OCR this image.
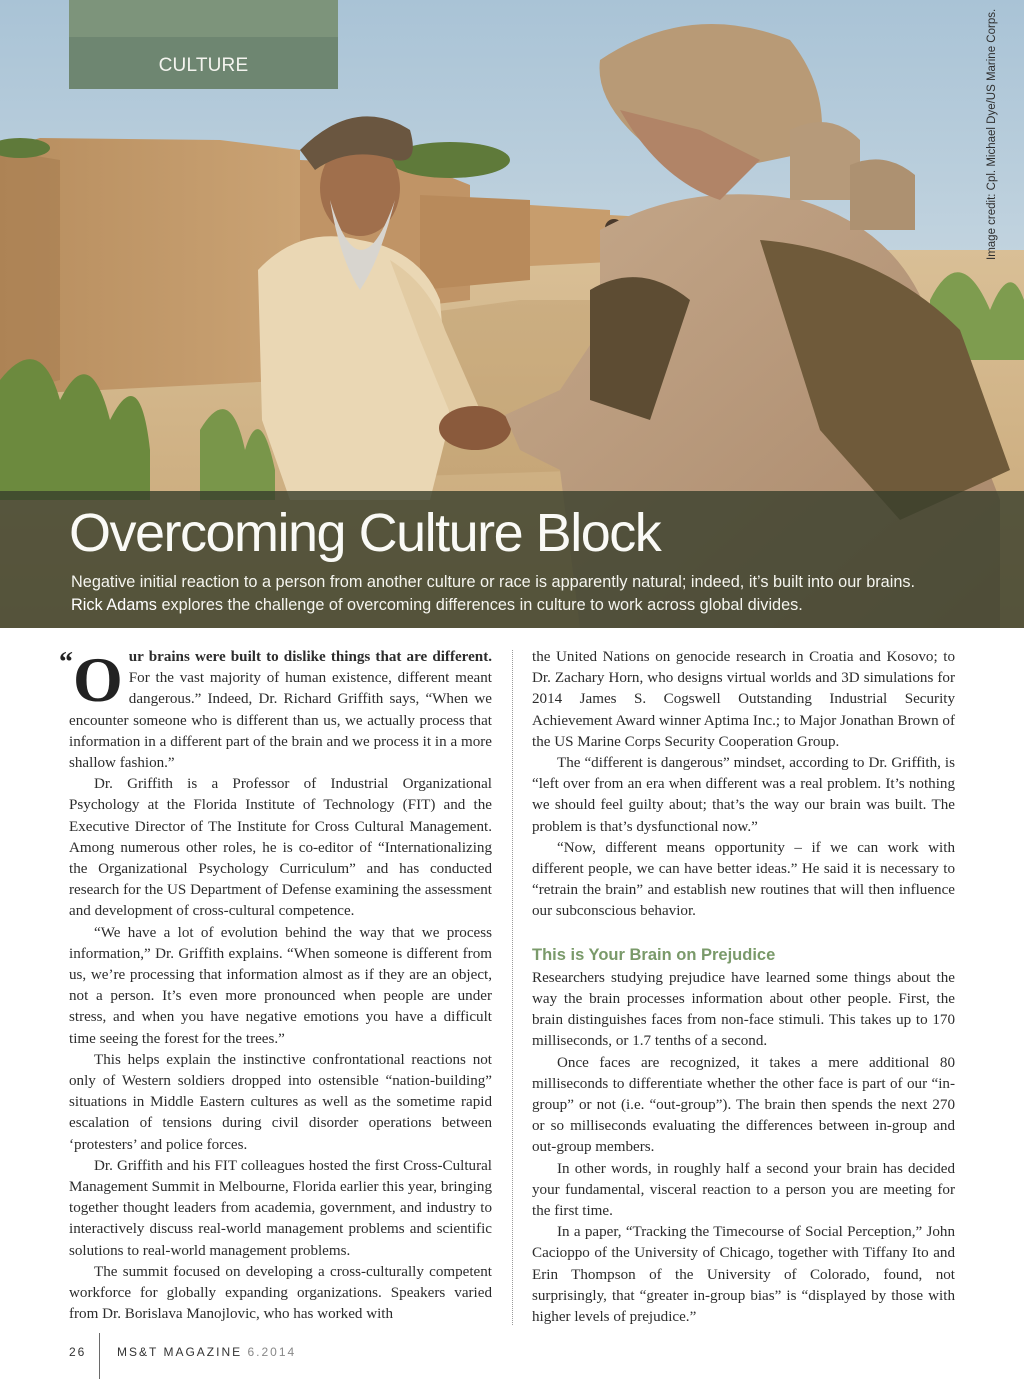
CULTURE	Image credit: Cpl. Michael Dye/US Marine Corps.
Overcoming Culture Block

Negative initial reaction to a person from another culture or race is apparently natural; indeed, it’s built into our brains.
Rick Adams explores the challenge of overcoming differences in culture to work across global divides.

“O ur brains were built to dislike things that are different. For the vast majority of human existence, different meant dangerous.” Indeed, Dr. Richard Griffith says, “When we encounter someone who is different than us, we actually process that information in a different part of the brain and we process it in a more shallow fashion.”

Dr. Griffith is a Professor of Industrial Organizational Psychology at the Florida Institute of Technology (FIT) and the Executive Director of The Institute for Cross Cultural Management. Among numerous other roles, he is co-editor of “Internationalizing the Organizational Psychology Curriculum” and has conducted research for the US Department of Defense examining the assessment and development of cross-cultural competence.

“We have a lot of evolution behind the way that we process information,” Dr. Griffith explains. “When someone is different from us, we’re processing that information almost as if they are an object, not a person. It’s even more pronounced when people are under stress, and when you have negative emotions you have a difficult time seeing the forest for the trees.”

This helps explain the instinctive confrontational reactions not only of Western soldiers dropped into ostensible “nation-building” situations in Middle Eastern cultures as well as the sometime rapid escalation of tensions during civil disorder operations between ‘protesters’ and police forces.

Dr. Griffith and his FIT colleagues hosted the first Cross-Cultural Management Summit in Melbourne, Florida earlier this year, bringing together thought leaders from academia, government, and industry to interactively discuss real-world management problems and scientific solutions to real-world management problems.

The summit focused on developing a cross-culturally competent workforce for globally expanding organizations. Speakers varied from Dr. Borislava Manojlovic, who has worked with

the United Nations on genocide research in Croatia and Kosovo; to Dr. Zachary Horn, who designs virtual worlds and 3D simulations for 2014 James S. Cogswell Outstanding Industrial Security Achievement Award winner Aptima Inc.; to Major Jonathan Brown of the US Marine Corps Security Cooperation Group.

The “different is dangerous” mindset, according to Dr. Griffith, is “left over from an era when different was a real problem. It’s nothing we should feel guilty about; that’s the way our brain was built. The problem is that’s dysfunctional now.”

“Now, different means opportunity – if we can work with different people, we can have better ideas.” He said it is necessary to “retrain the brain” and establish new routines that will then influence our subconscious behavior.

This is Your Brain on Prejudice

Researchers studying prejudice have learned some things about the way the brain processes information about other people. First, the brain distinguishes faces from non-face stimuli. This takes up to 170 milliseconds, or 1.7 tenths of a second.

Once faces are recognized, it takes a mere additional 80 milliseconds to differentiate whether the other face is part of our “in-group” or not (i.e. “out-group”). The brain then spends the next 270 or so milliseconds evaluating the differences between in-group and out-group members.

In other words, in roughly half a second your brain has decided your fundamental, visceral reaction to a person you are meeting for the first time.

In a paper, “Tracking the Timecourse of Social Perception,” John Cacioppo of the University of Chicago, together with Tiffany Ito and Erin Thompson of the University of Colorado, found, not surprisingly, that “greater in-group bias” is “displayed by those with higher levels of prejudice.”

26	MS&T MAGAZINE 6.2014
